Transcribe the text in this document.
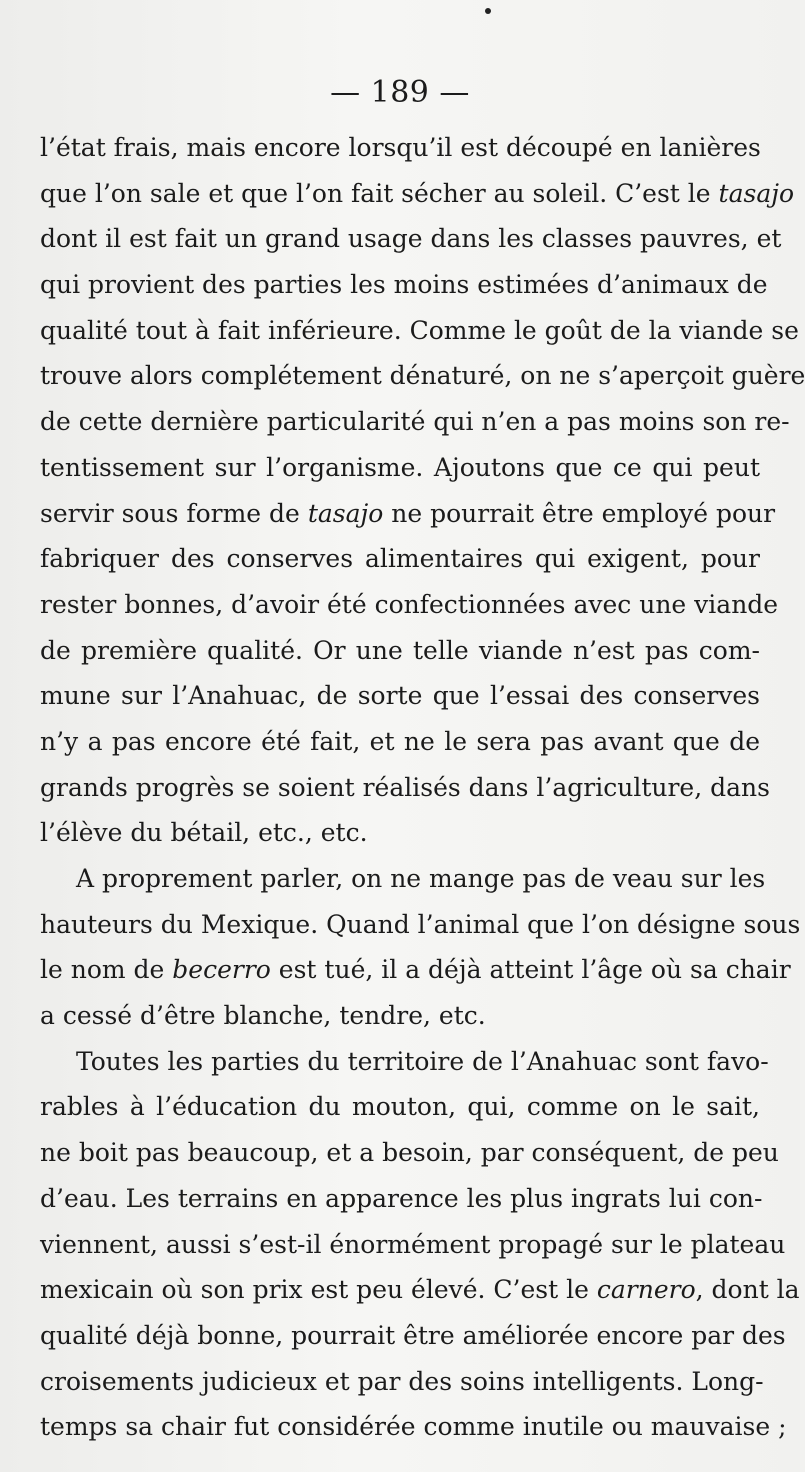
— 189 —
l’état frais, mais encore lorsqu’il est découpé en lanières
que l’on sale et que l’on fait sécher au soleil. C’est le tasajo
dont il est fait un grand usage dans les classes pauvres, et
qui provient des parties les moins estimées d’animaux de
qualité tout à fait inférieure. Comme le goût de la viande se
trouve alors complétement dénaturé, on ne s’aperçoit guère
de cette dernière particularité qui n’en a pas moins son re-
tentissement sur l’organisme. Ajoutons que ce qui peut
servir sous forme de tasajo ne pourrait être employé pour
fabriquer des conserves alimentaires qui exigent, pour
rester bonnes, d’avoir été confectionnées avec une viande
de première qualité. Or une telle viande n’est pas com-
mune sur l’Anahuac, de sorte que l’essai des conserves
n’y a pas encore été fait, et ne le sera pas avant que de
grands progrès se soient réalisés dans l’agriculture, dans
l’élève du bétail, etc., etc.
A proprement parler, on ne mange pas de veau sur les
hauteurs du Mexique. Quand l’animal que l’on désigne sous
le nom de becerro est tué, il a déjà atteint l’âge où sa chair
a cessé d’être blanche, tendre, etc.
Toutes les parties du territoire de l’Anahuac sont favo-
rables à l’éducation du mouton, qui, comme on le sait,
ne boit pas beaucoup, et a besoin, par conséquent, de peu
d’eau. Les terrains en apparence les plus ingrats lui con-
viennent, aussi s’est-il énormément propagé sur le plateau
mexicain où son prix est peu élevé. C’est le carnero, dont la
qualité déjà bonne, pourrait être améliorée encore par des
croisements judicieux et par des soins intelligents. Long-
temps sa chair fut considérée comme inutile ou mauvaise ;
